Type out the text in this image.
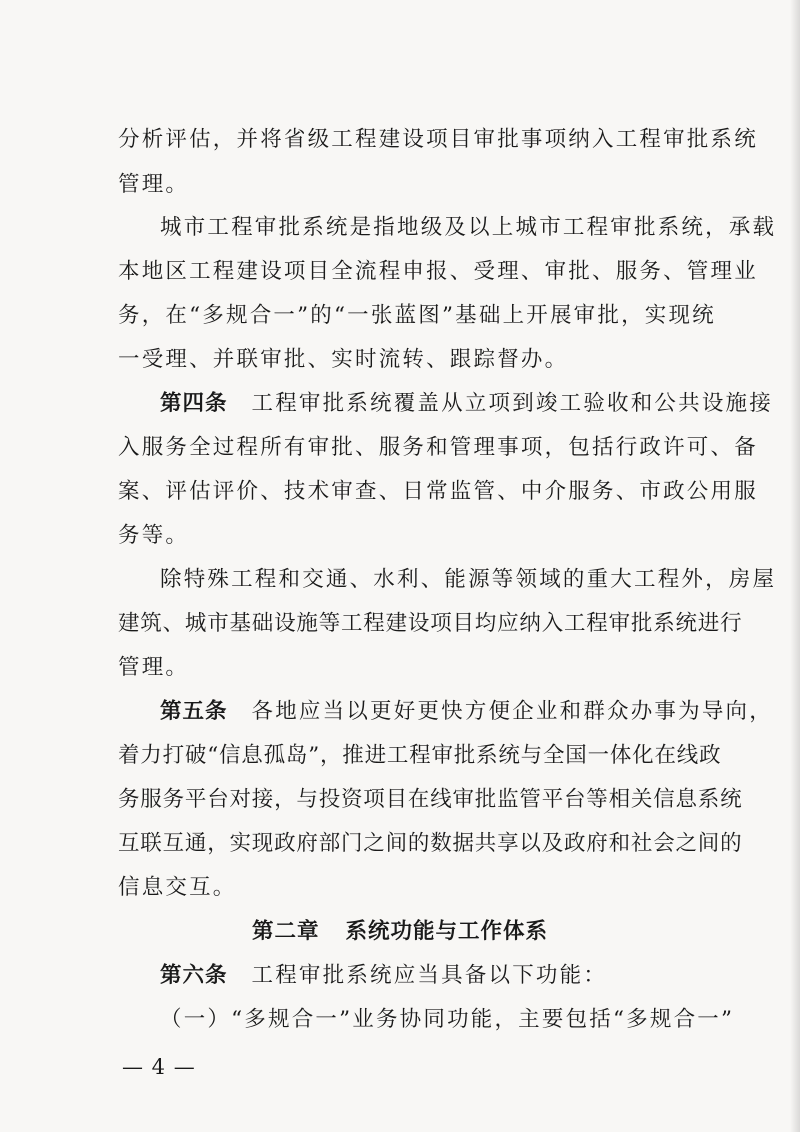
分析评估，并将省级工程建设项目审批事项纳入工程审批系统
管理。
城市工程审批系统是指地级及以上城市工程审批系统，承载
本地区工程建设项目全流程申报、受理、审批、服务、管理业
务，在“多规合一”的“一张蓝图”基础上开展审批，实现统
一受理、并联审批、实时流转、跟踪督办。
第四条 工程审批系统覆盖从立项到竣工验收和公共设施接
入服务全过程所有审批、服务和管理事项，包括行政许可、备
案、评估评价、技术审查、日常监管、中介服务、市政公用服
务等。
除特殊工程和交通、水利、能源等领域的重大工程外，房屋
建筑、城市基础设施等工程建设项目均应纳入工程审批系统进行
管理。
第五条 各地应当以更好更快方便企业和群众办事为导向，
着力打破“信息孤岛”，推进工程审批系统与全国一体化在线政
务服务平台对接，与投资项目在线审批监管平台等相关信息系统
互联互通，实现政府部门之间的数据共享以及政府和社会之间的
信息交互。
第二章 系统功能与工作体系
第六条 工程审批系统应当具备以下功能：
（一）“多规合一”业务协同功能，主要包括“多规合一”
— 4 —
